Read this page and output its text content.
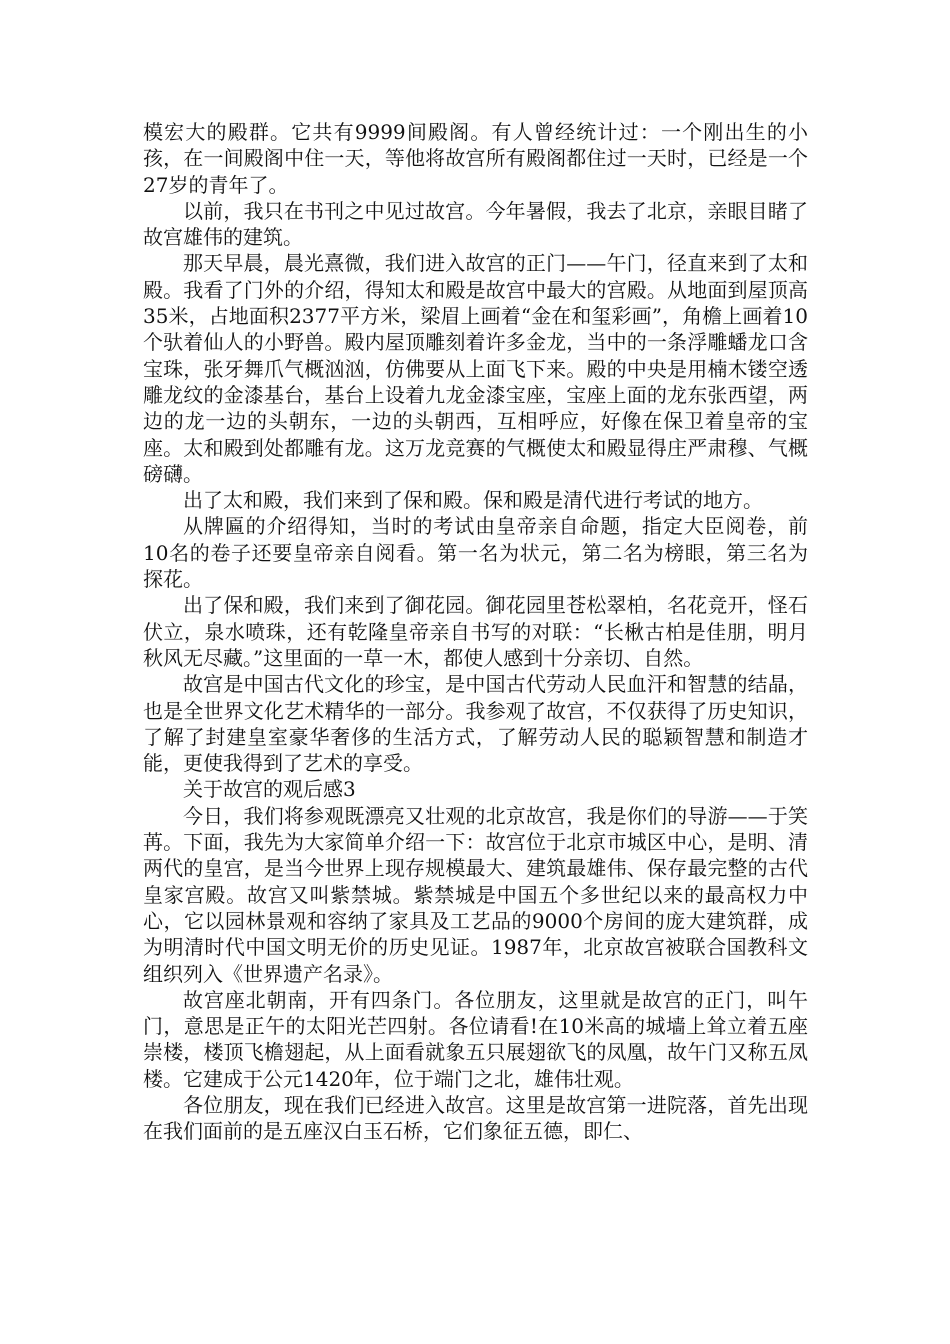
模宏大的殿群。它共有9999间殿阁。有人曾经统计过：一个刚出生的小孩，在一间殿阁中住一天，等他将故宫所有殿阁都住过一天时，已经是一个27岁的青年了。

以前，我只在书刊之中见过故宫。今年暑假，我去了北京，亲眼目睹了故宫雄伟的建筑。

那天早晨，晨光熹微，我们进入故宫的正门——午门，径直来到了太和殿。我看了门外的介绍，得知太和殿是故宫中最大的宫殿。从地面到屋顶高35米，占地面积2377平方米，梁眉上画着“金在和玺彩画”，角檐上画着10个驮着仙人的小野兽。殿内屋顶雕刻着许多金龙，当中的一条浮雕蟠龙口含宝珠，张牙舞爪气概汹汹，仿佛要从上面飞下来。殿的中央是用楠木镂空透雕龙纹的金漆基台，基台上设着九龙金漆宝座，宝座上面的龙东张西望，两边的龙一边的头朝东，一边的头朝西，互相呼应，好像在保卫着皇帝的宝座。太和殿到处都雕有龙。这万龙竞赛的气概使太和殿显得庄严肃穆、气概磅礴。

出了太和殿，我们来到了保和殿。保和殿是清代进行考试的地方。

从牌匾的介绍得知，当时的考试由皇帝亲自命题，指定大臣阅卷，前10名的卷子还要皇帝亲自阅看。第一名为状元，第二名为榜眼，第三名为探花。

出了保和殿，我们来到了御花园。御花园里苍松翠柏，名花竞开，怪石伏立，泉水喷珠，还有乾隆皇帝亲自书写的对联：“长楸古柏是佳朋，明月秋风无尽藏。”这里面的一草一木，都使人感到十分亲切、自然。

故宫是中国古代文化的珍宝，是中国古代劳动人民血汗和智慧的结晶，也是全世界文化艺术精华的一部分。我参观了故宫，不仅获得了历史知识，了解了封建皇室豪华奢侈的生活方式，了解劳动人民的聪颖智慧和制造才能，更使我得到了艺术的享受。

关于故宫的观后感3

今日，我们将参观既漂亮又壮观的北京故宫，我是你们的导游——于笑苒。下面，我先为大家简单介绍一下：故宫位于北京市城区中心，是明、清两代的皇宫，是当今世界上现存规模最大、建筑最雄伟、保存最完整的古代皇家宫殿。故宫又叫紫禁城。紫禁城是中国五个多世纪以来的最高权力中心，它以园林景观和容纳了家具及工艺品的9000个房间的庞大建筑群，成为明清时代中国文明无价的历史见证。1987年，北京故宫被联合国教科文组织列入《世界遗产名录》。

故宫座北朝南，开有四条门。各位朋友，这里就是故宫的正门，叫午门，意思是正午的太阳光芒四射。各位请看!在10米高的城墙上耸立着五座崇楼，楼顶飞檐翅起，从上面看就象五只展翅欲飞的凤凰，故午门又称五凤楼。它建成于公元1420年，位于端门之北，雄伟壮观。

各位朋友，现在我们已经进入故宫。这里是故宫第一进院落，首先出现在我们面前的是五座汉白玉石桥，它们象征五德，即仁、
